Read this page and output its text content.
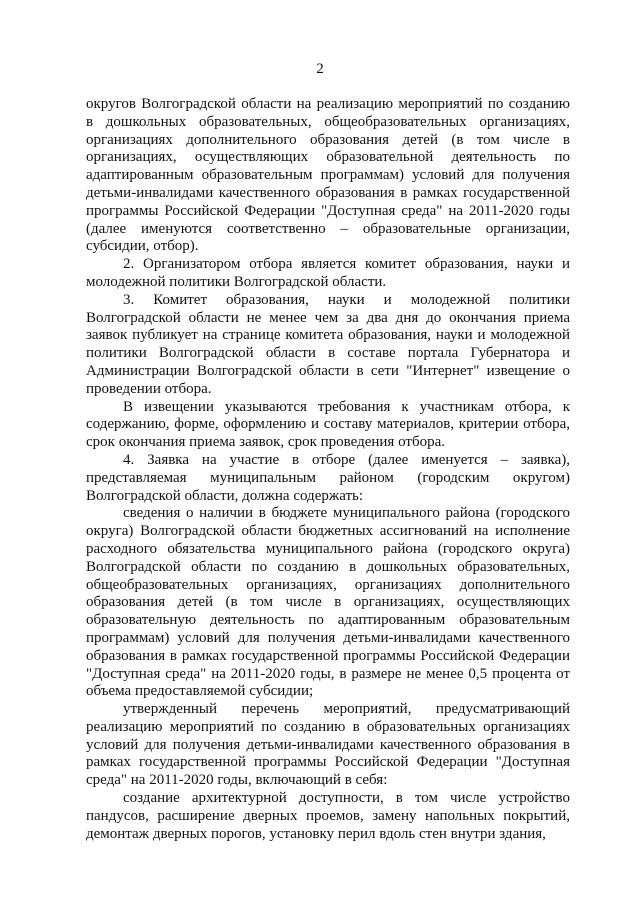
2

округов Волгоградской области на реализацию мероприятий по созданию в дошкольных образовательных, общеобразовательных организациях, организациях дополнительного образования детей (в том числе в организациях, осуществляющих образовательной деятельность по адаптированным образовательным программам) условий для получения детьми-инвалидами качественного образования в рамках государственной программы Российской Федерации "Доступная среда" на 2011-2020 годы (далее именуются соответственно – образовательные организации, субсидии, отбор).

2. Организатором отбора является комитет образования, науки и молодежной политики Волгоградской области.

3. Комитет образования, науки и молодежной политики Волгоградской области не менее чем за два дня до окончания приема заявок публикует на странице комитета образования, науки и молодежной политики Волгоградской области в составе портала Губернатора и Администрации Волгоградской области в сети "Интернет" извещение о проведении отбора.

В извещении указываются требования к участникам отбора, к содержанию, форме, оформлению и составу материалов, критерии отбора, срок окончания приема заявок, срок проведения отбора.

4. Заявка на участие в отборе (далее именуется – заявка), представляемая муниципальным районом (городским округом) Волгоградской области, должна содержать:

сведения о наличии в бюджете муниципального района (городского округа) Волгоградской области бюджетных ассигнований на исполнение расходного обязательства муниципального района (городского округа) Волгоградской области по созданию в дошкольных образовательных, общеобразовательных организациях, организациях дополнительного образования детей (в том числе в организациях, осуществляющих образовательную деятельность по адаптированным образовательным программам) условий для получения детьми-инвалидами качественного образования в рамках государственной программы Российской Федерации "Доступная среда" на 2011-2020 годы, в размере не менее 0,5 процента от объема предоставляемой субсидии;

утвержденный перечень мероприятий, предусматривающий реализацию мероприятий по созданию в образовательных организациях условий для получения детьми-инвалидами качественного образования в рамках государственной программы Российской Федерации "Доступная среда" на 2011-2020 годы, включающий в себя:

создание архитектурной доступности, в том числе устройство пандусов, расширение дверных проемов, замену напольных покрытий, демонтаж дверных порогов, установку перил вдоль стен внутри здания,
